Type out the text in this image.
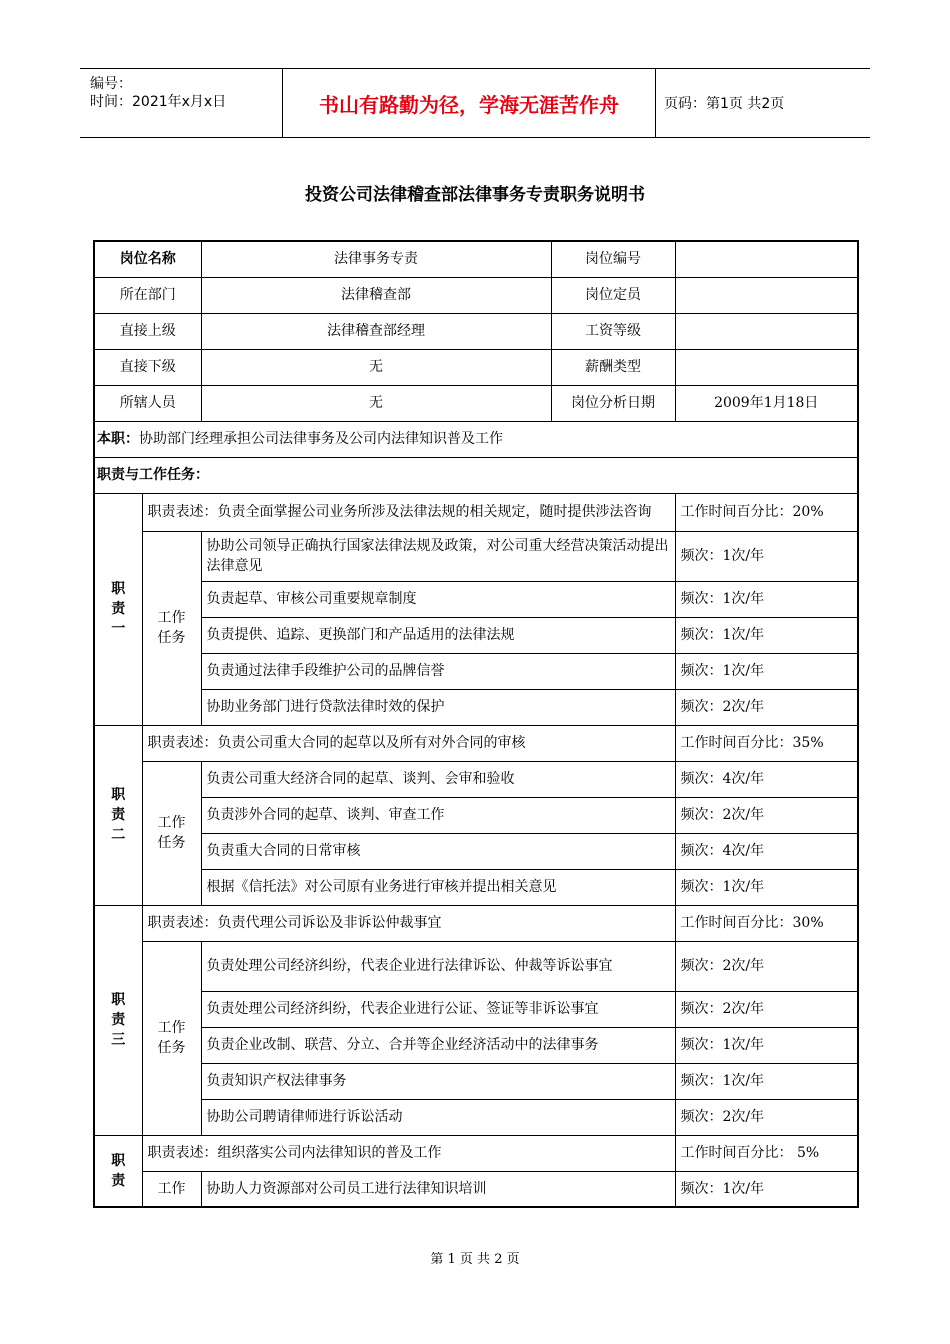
编号：
时间：2021年x月x日	书山有路勤为径，学海无涯苦作舟	页码：第1页 共2页
投资公司法律稽查部法律事务专责职务说明书
岗位名称		法律事务专责	岗位编号	
所在部门		法律稽查部	岗位定员	
直接上级		法律稽查部经理	工资等级	
直接下级		无	薪酬类型	
所辖人员		无	岗位分析日期	2009年1月18日
本职：协助部门经理承担公司法律事务及公司内法律知识普及工作				
职责与工作任务：				
职责一	职责表述：负责全面掌握公司业务所涉及法律法规的相关规定，随时提供涉法咨询			工作时间百分比：20%
	工作任务	协助公司领导正确执行国家法律法规及政策，对公司重大经营决策活动提出法律意见		频次：1次/年
		负责起草、审核公司重要规章制度		频次：1次/年
		负责提供、追踪、更换部门和产品适用的法律法规		频次：1次/年
		负责通过法律手段维护公司的品牌信誉		频次：1次/年
		协助业务部门进行贷款法律时效的保护		频次：2次/年
职责二	职责表述：负责公司重大合同的起草以及所有对外合同的审核			工作时间百分比：35%
	工作任务	负责公司重大经济合同的起草、谈判、会审和验收		频次：4次/年
		负责涉外合同的起草、谈判、审查工作		频次：2次/年
		负责重大合同的日常审核		频次：4次/年
		根据《信托法》对公司原有业务进行审核并提出相关意见		频次：1次/年
职责三	职责表述：负责代理公司诉讼及非诉讼仲裁事宜			工作时间百分比：30%
	工作任务	负责处理公司经济纠纷，代表企业进行法律诉讼、仲裁等诉讼事宜		频次：2次/年
		负责处理公司经济纠纷，代表企业进行公证、签证等非诉讼事宜		频次：2次/年
		负责企业改制、联营、分立、合并等企业经济活动中的法律事务		频次：1次/年
		负责知识产权法律事务		频次：1次/年
		协助公司聘请律师进行诉讼活动		频次：2次/年
职责	职责表述：组织落实公司内法律知识的普及工作			工作时间百分比： 5%
	工作	协助人力资源部对公司员工进行法律知识培训		频次：1次/年
第 1 页 共 2 页
